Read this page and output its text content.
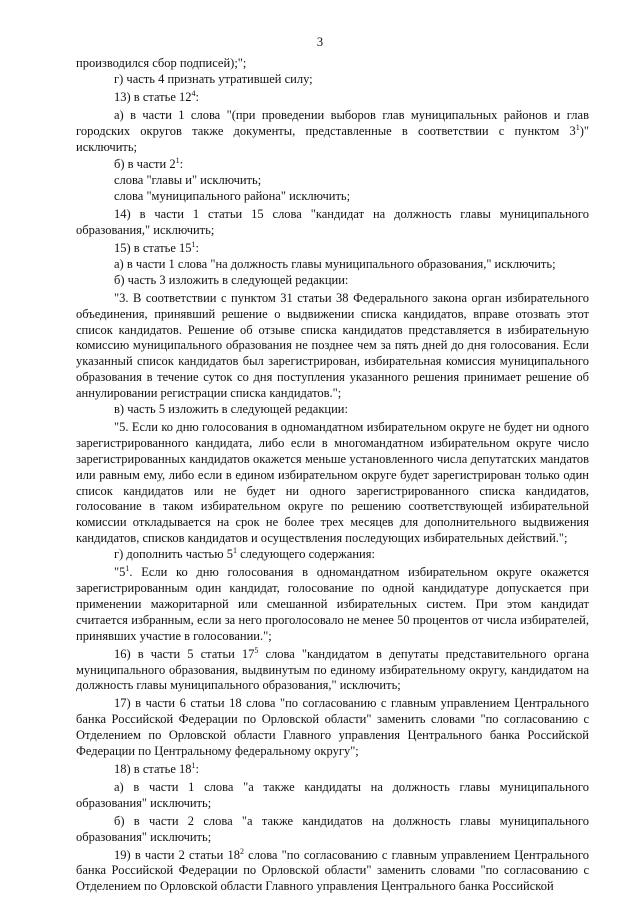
3

производился сбор подписей);";

г) часть 4 признать утратившей силу;

13) в статье $12^4$:

а) в части 1 слова "(при проведении выборов глав муниципальных районов и глав городских округов также документы, представленные в соответствии с пунктом $3^1$)" исключить;

б) в части $2^1$:

слова "главы и" исключить;

слова "муниципального района" исключить;

14) в части 1 статьи 15 слова "кандидат на должность главы муниципального образования," исключить;

15) в статье $15^1$:

а) в части 1 слова "на должность главы муниципального образования," исключить;

б) часть 3 изложить в следующей редакции:

"3. В соответствии с пунктом 31 статьи 38 Федерального закона орган избирательного объединения, принявший решение о выдвижении списка кандидатов, вправе отозвать этот список кандидатов. Решение об отзыве списка кандидатов представляется в избирательную комиссию муниципального образования не позднее чем за пять дней до дня голосования. Если указанный список кандидатов был зарегистрирован, избирательная комиссия муниципального образования в течение суток со дня поступления указанного решения принимает решение об аннулировании регистрации списка кандидатов.";

в) часть 5 изложить в следующей редакции:

"5. Если ко дню голосования в одномандатном избирательном округе не будет ни одного зарегистрированного кандидата, либо если в многомандатном избирательном округе число зарегистрированных кандидатов окажется меньше установленного числа депутатских мандатов или равным ему, либо если в едином избирательном округе будет зарегистрирован только один список кандидатов или не будет ни одного зарегистрированного списка кандидатов, голосование в таком избирательном округе по решению соответствующей избирательной комиссии откладывается на срок не более трех месяцев для дополнительного выдвижения кандидатов, списков кандидатов и осуществления последующих избирательных действий.";

г) дополнить частью $5^1$ следующего содержания:

"$5^1$. Если ко дню голосования в одномандатном избирательном округе окажется зарегистрированным один кандидат, голосование по одной кандидатуре допускается при применении мажоритарной или смешанной избирательных систем. При этом кандидат считается избранным, если за него проголосовало не менее 50 процентов от числа избирателей, принявших участие в голосовании.";

16) в части 5 статьи $17^5$ слова "кандидатом в депутаты представительного органа муниципального образования, выдвинутым по единому избирательному округу, кандидатом на должность главы муниципального образования," исключить;

17) в части 6 статьи 18 слова "по согласованию с главным управлением Центрального банка Российской Федерации по Орловской области" заменить словами "по согласованию с Отделением по Орловской области Главного управления Центрального банка Российской Федерации по Центральному федеральному округу";

18) в статье $18^1$:

а) в части 1 слова "а также кандидаты на должность главы муниципального образования" исключить;

б) в части 2 слова "а также кандидатов на должность главы муниципального образования" исключить;

19) в части 2 статьи $18^2$ слова "по согласованию с главным управлением Центрального банка Российской Федерации по Орловской области" заменить словами "по согласованию с Отделением по Орловской области Главного управления Центрального банка Российской
